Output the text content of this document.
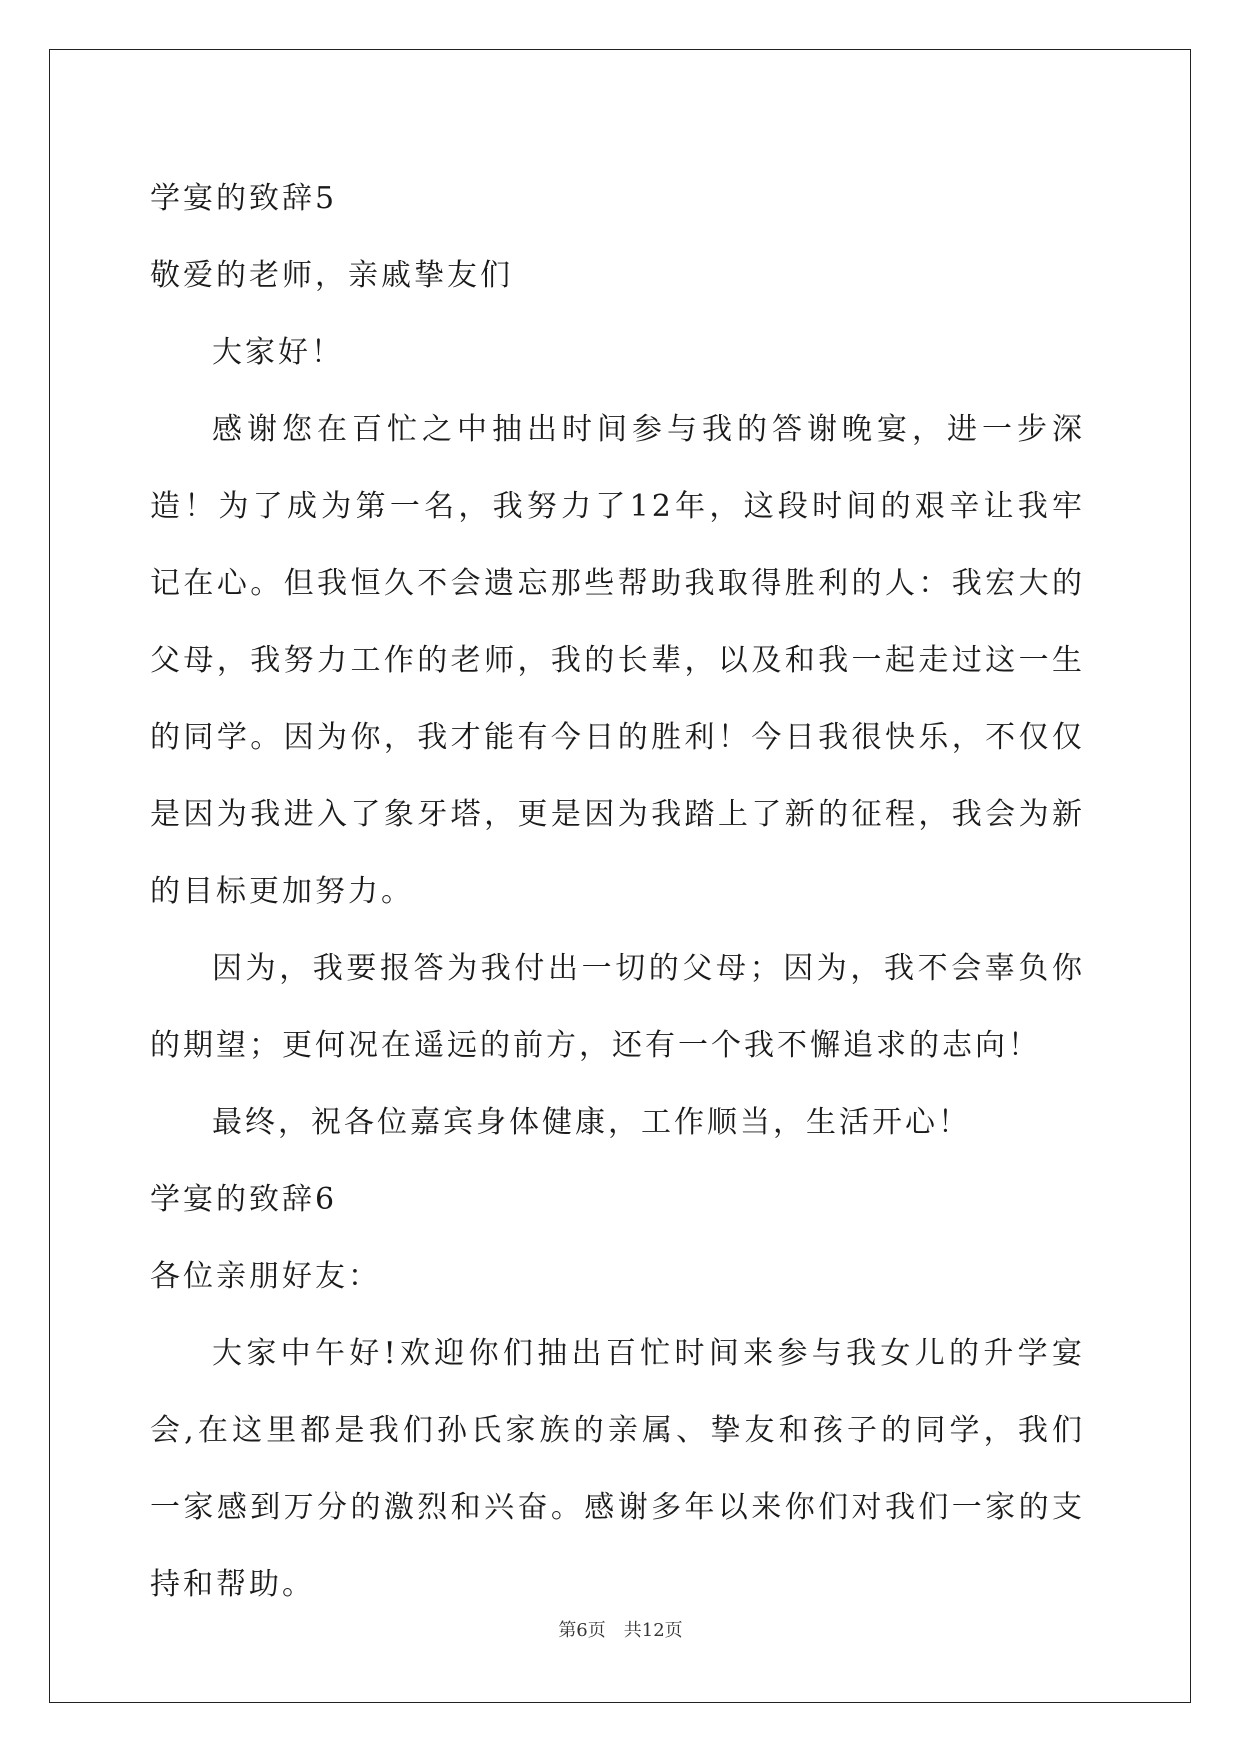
学宴的致辞5
敬爱的老师，亲戚挚友们

大家好！

感谢您在百忙之中抽出时间参与我的答谢晚宴，进一步深造！为了成为第一名，我努力了12年，这段时间的艰辛让我牢记在心。但我恒久不会遗忘那些帮助我取得胜利的人：我宏大的父母，我努力工作的老师，我的长辈，以及和我一起走过这一生的同学。因为你，我才能有今日的胜利！今日我很快乐，不仅仅是因为我进入了象牙塔，更是因为我踏上了新的征程，我会为新的目标更加努力。

因为，我要报答为我付出一切的父母；因为，我不会辜负你的期望；更何况在遥远的前方，还有一个我不懈追求的志向！

最终，祝各位嘉宾身体健康，工作顺当，生活开心！

学宴的致辞6
各位亲朋好友：

大家中午好!欢迎你们抽出百忙时间来参与我女儿的升学宴会,在这里都是我们孙氏家族的亲属、挚友和孩子的同学，我们一家感到万分的激烈和兴奋。感谢多年以来你们对我们一家的支持和帮助。

第6页　共12页
